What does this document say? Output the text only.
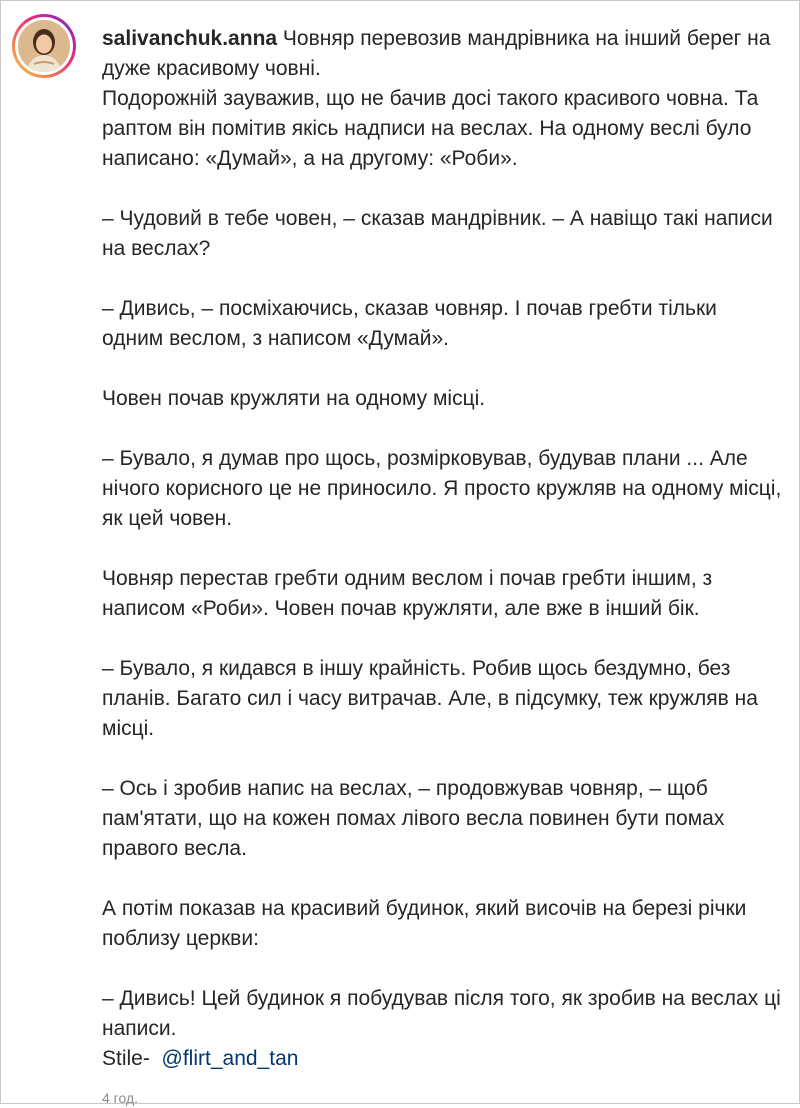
salivanchuk.anna Човняр перевозив мандрівника на інший берег на дуже красивому човні.

Подорожній зауважив, що не бачив досі такого красивого човна. Та раптом він помітив якісь надписи на веслах. На одному веслі було написано: «Думай», а на другому: «Роби».

– Чудовий в тебе човен, – сказав мандрівник. – А навіщо такі написи на веслах?

– Дивись, – посміхаючись, сказав човняр. І почав гребти тільки одним веслом, з написом «Думай».

Човен почав кружляти на одному місці.

– Бувало, я думав про щось, розмірковував, будував плани ... Але нічого корисного це не приносило. Я просто кружляв на одному місці, як цей човен.

Човняр перестав гребти одним веслом і почав гребти іншим, з написом «Роби». Човен почав кружляти, але вже в інший бік.

– Бувало, я кидався в іншу крайність. Робив щось бездумно, без планів. Багато сил і часу витрачав. Але, в підсумку, теж кружляв на місці.

– Ось і зробив напис на веслах, – продовжував човняр, – щоб пам'ятати, що на кожен помах лівого весла повинен бути помах правого весла.

А потім показав на красивий будинок, який височів на березі річки поблизу церкви:

– Дивись! Цей будинок я побудував після того, як зробив на веслах ці написи.

Stile- @flirt_and_tan

4 год.
